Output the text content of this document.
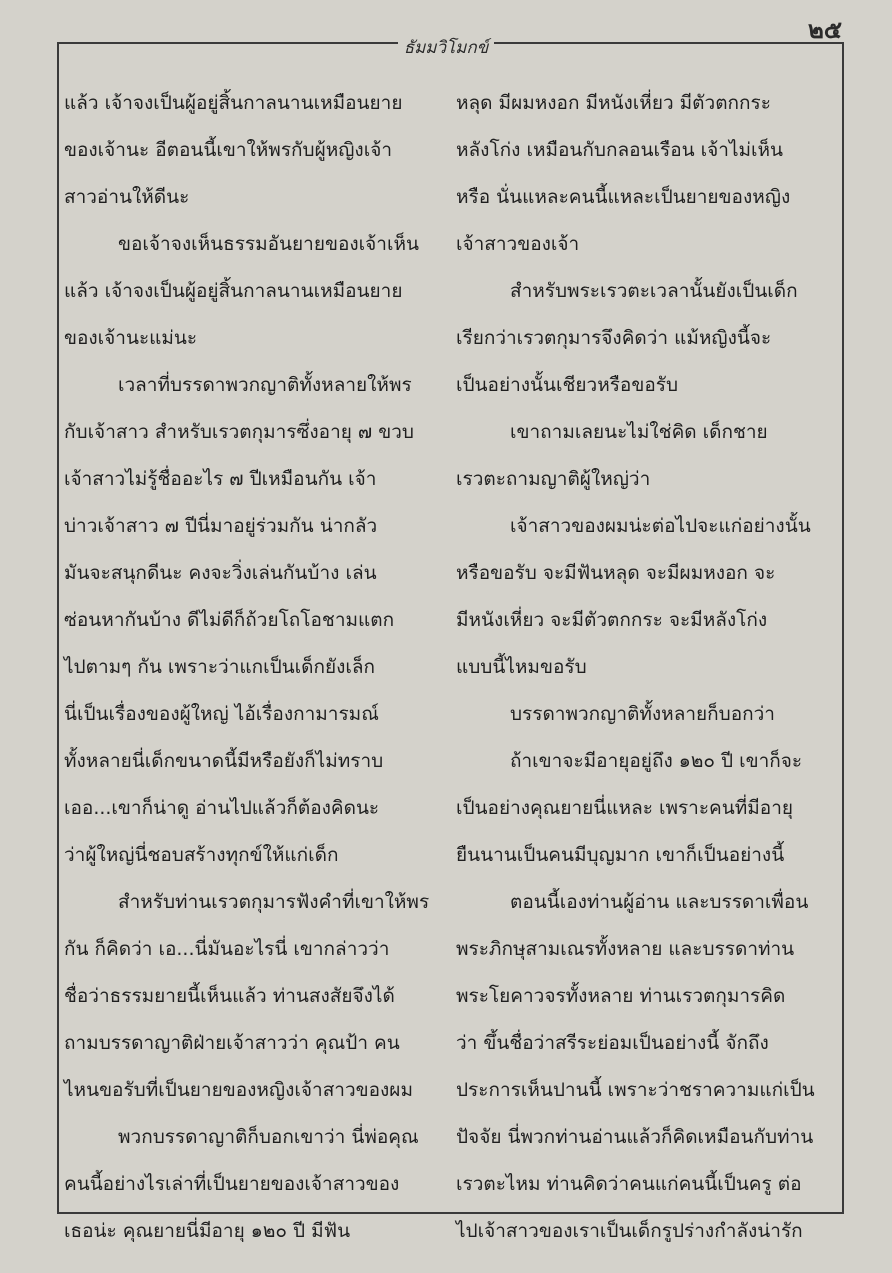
๒๕
ธัมมวิโมกข์
แล้ว เจ้าจงเป็นผู้อยู่สิ้นกาลนานเหมือนยาย
ของเจ้านะ อีตอนนี้เขาให้พรกับผู้หญิงเจ้า
สาวอ่านให้ดีนะ
ขอเจ้าจงเห็นธรรมอันยายของเจ้าเห็น
แล้ว เจ้าจงเป็นผู้อยู่สิ้นกาลนานเหมือนยาย
ของเจ้านะแม่นะ
เวลาที่บรรดาพวกญาติทั้งหลายให้พร
กับเจ้าสาว สำหรับเรวตกุมารซึ่งอายุ ๗ ขวบ
เจ้าสาวไม่รู้ชื่ออะไร ๗ ปีเหมือนกัน เจ้า
บ่าวเจ้าสาว ๗ ปีนี่มาอยู่ร่วมกัน น่ากลัว
มันจะสนุกดีนะ คงจะวิ่งเล่นกันบ้าง เล่น
ซ่อนหากันบ้าง ดีไม่ดีก็ถ้วยโถโอชามแตก
ไปตามๆ กัน เพราะว่าแกเป็นเด็กยังเล็ก
นี่เป็นเรื่องของผู้ใหญ่ ไอ้เรื่องกามารมณ์
ทั้งหลายนี่เด็กขนาดนี้มีหรือยังก็ไม่ทราบ
เออ...เขาก็น่าดู อ่านไปแล้วก็ต้องคิดนะ
ว่าผู้ใหญ่นี่ชอบสร้างทุกข์ให้แก่เด็ก
สำหรับท่านเรวตกุมารฟังคำที่เขาให้พร
กัน ก็คิดว่า เอ...นี่มันอะไรนี่ เขากล่าวว่า
ชื่อว่าธรรมยายนี้เห็นแล้ว ท่านสงสัยจึงได้
ถามบรรดาญาติฝ่ายเจ้าสาวว่า คุณป้า คน
ไหนขอรับที่เป็นยายของหญิงเจ้าสาวของผม
พวกบรรดาญาติก็บอกเขาว่า นี่พ่อคุณ
คนนี้อย่างไรเล่าที่เป็นยายของเจ้าสาวของ
เธอน่ะ คุณยายนี่มีอายุ ๑๒๐ ปี มีฟัน
หลุด มีผมหงอก มีหนังเหี่ยว มีตัวตกกระ
หลังโก่ง เหมือนกับกลอนเรือน เจ้าไม่เห็น
หรือ นั่นแหละคนนี้แหละเป็นยายของหญิง
เจ้าสาวของเจ้า
สำหรับพระเรวตะเวลานั้นยังเป็นเด็ก
เรียกว่าเรวตกุมารจึงคิดว่า แม้หญิงนี้จะ
เป็นอย่างนั้นเชียวหรือขอรับ
เขาถามเลยนะไม่ใช่คิด เด็กชาย
เรวตะถามญาติผู้ใหญ่ว่า
เจ้าสาวของผมน่ะต่อไปจะแก่อย่างนั้น
หรือขอรับ จะมีฟันหลุด จะมีผมหงอก จะ
มีหนังเหี่ยว จะมีตัวตกกระ จะมีหลังโก่ง
แบบนี้ไหมขอรับ
บรรดาพวกญาติทั้งหลายก็บอกว่า
ถ้าเขาจะมีอายุอยู่ถึง ๑๒๐ ปี เขาก็จะ
เป็นอย่างคุณยายนี่แหละ เพราะคนที่มีอายุ
ยืนนานเป็นคนมีบุญมาก เขาก็เป็นอย่างนี้
ตอนนี้เองท่านผู้อ่าน และบรรดาเพื่อน
พระภิกษุสามเณรทั้งหลาย และบรรดาท่าน
พระโยคาวจรทั้งหลาย ท่านเรวตกุมารคิด
ว่า ขึ้นชื่อว่าสรีระย่อมเป็นอย่างนี้ จักถึง
ประการเห็นปานนี้ เพราะว่าชราความแก่เป็น
ปัจจัย นี่พวกท่านอ่านแล้วก็คิดเหมือนกับท่าน
เรวตะไหม ท่านคิดว่าคนแก่คนนี้เป็นครู ต่อ
ไปเจ้าสาวของเราเป็นเด็กรูปร่างกำลังน่ารัก
